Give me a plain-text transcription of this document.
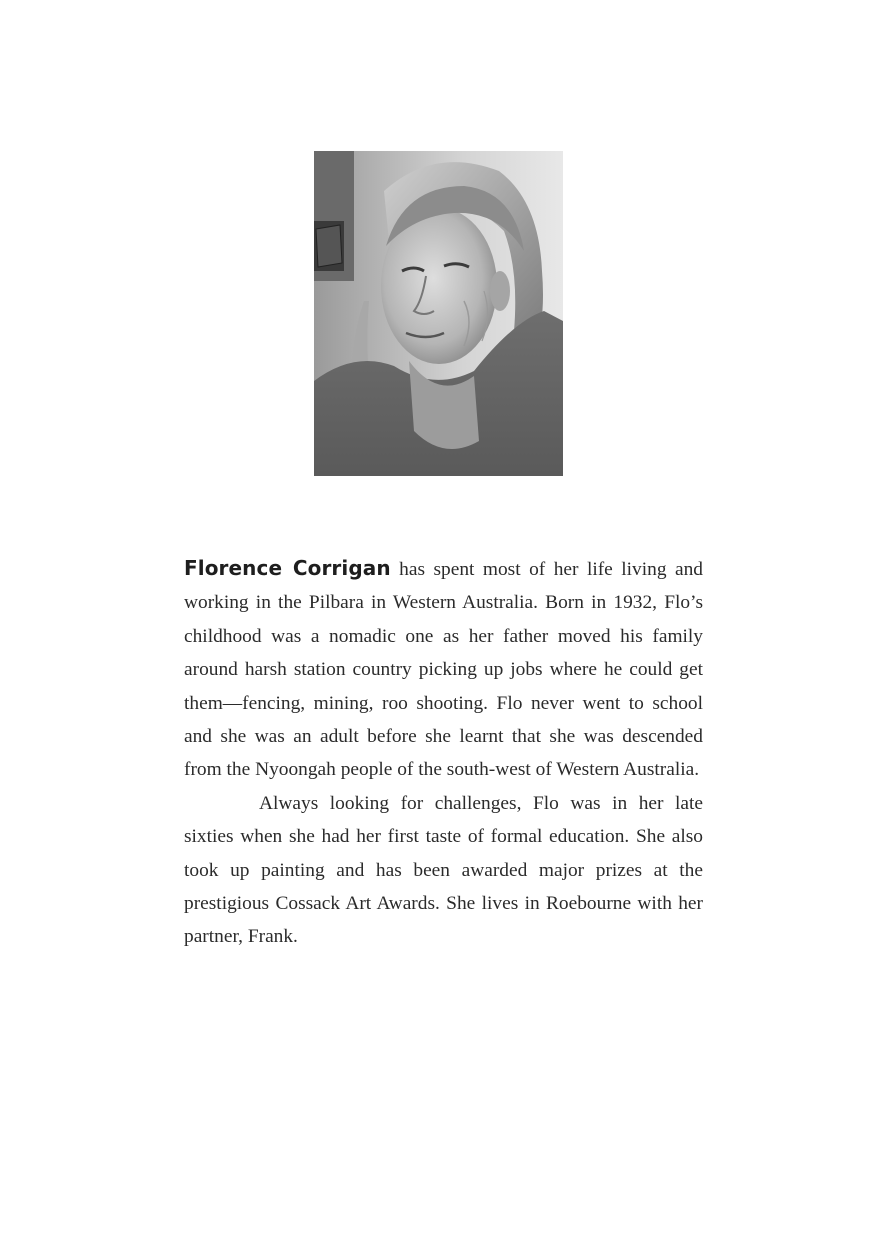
Florence Corrigan has spent most of her life living and working in the Pilbara in Western Australia. Born in 1932, Flo’s childhood was a nomadic one as her father moved his family around harsh station country picking up jobs where he could get them—fencing, mining, roo shooting. Flo never went to school and she was an adult before she learnt that she was descended from the Nyoongah people of the south-west of Western Australia.

Always looking for challenges, Flo was in her late sixties when she had her first taste of formal education. She also took up painting and has been awarded major prizes at the prestigious Cossack Art Awards. She lives in Roebourne with her partner, Frank.
